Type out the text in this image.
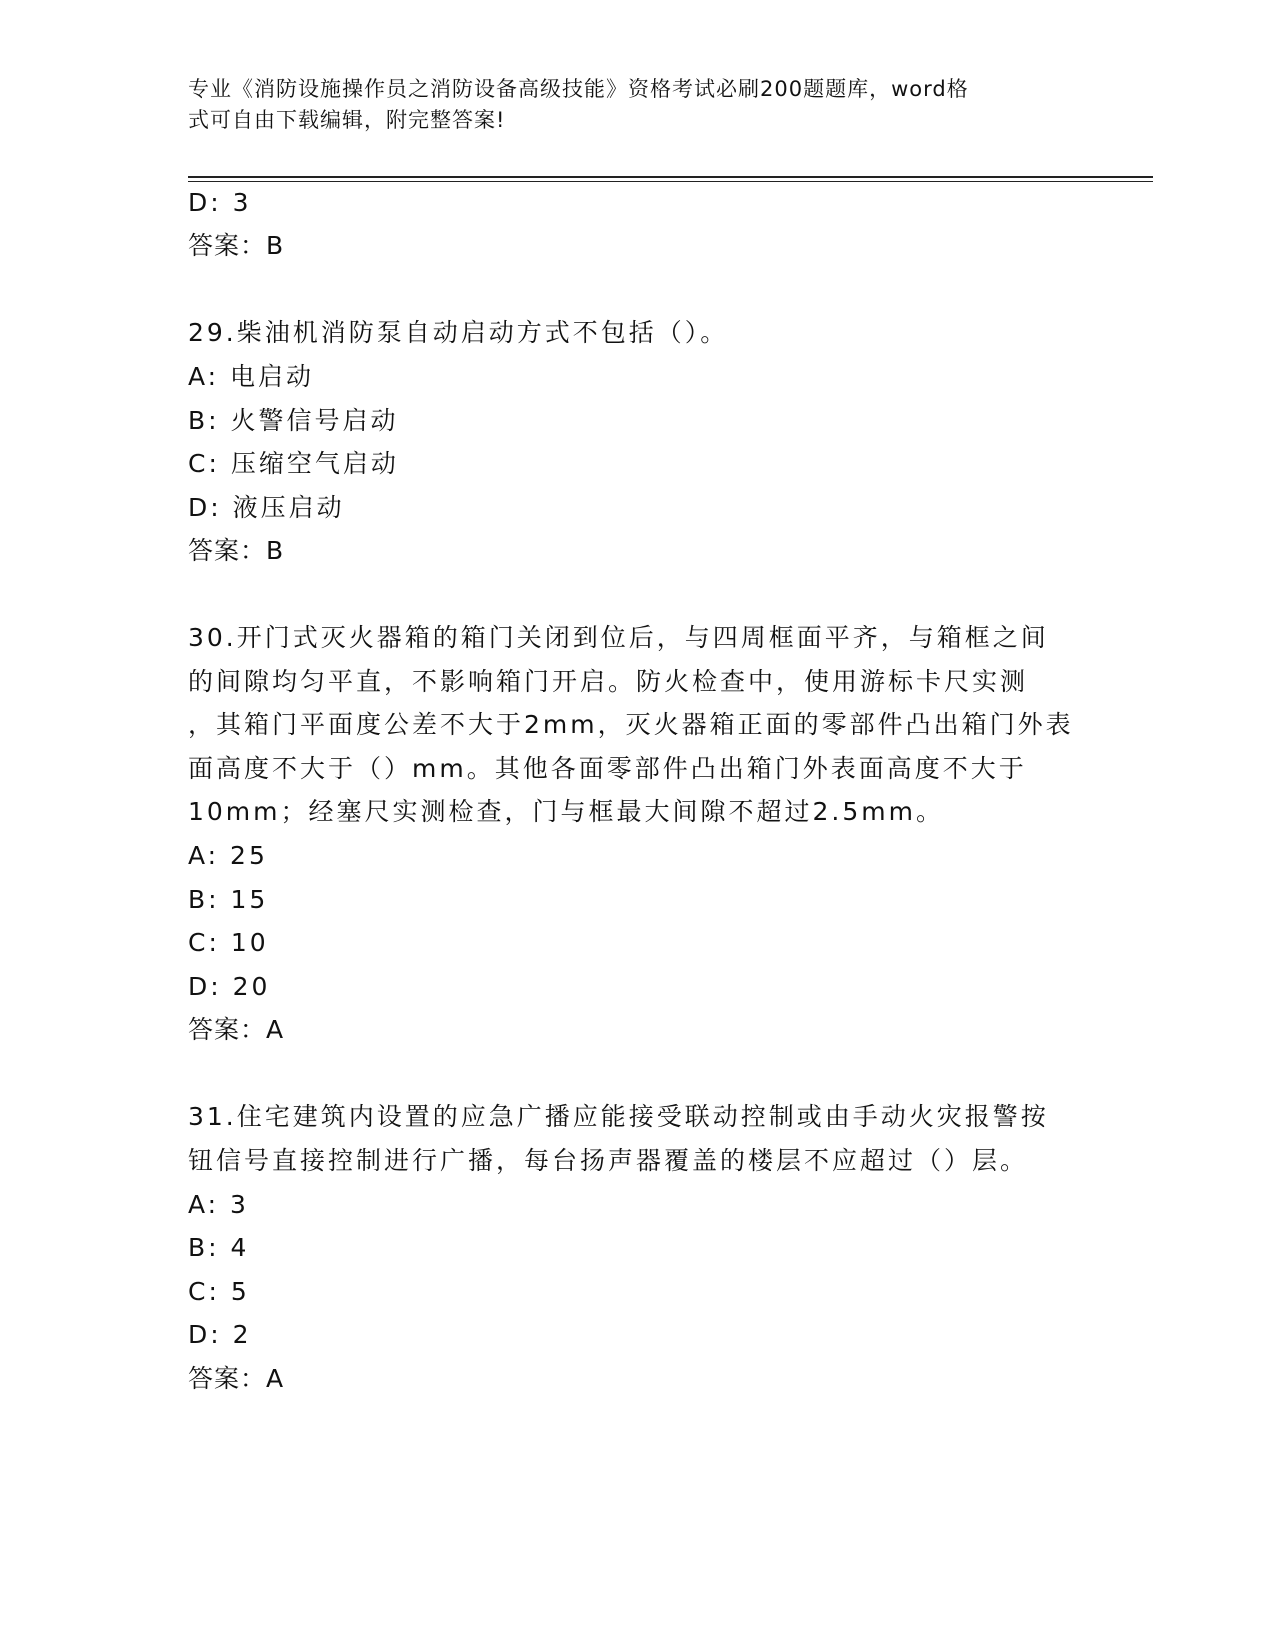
专业《消防设施操作员之消防设备高级技能》资格考试必刷200题题库，word格
式可自由下载编辑，附完整答案!
D: 3
答案：B
29.柴油机消防泵自动启动方式不包括（）。
A: 电启动
B: 火警信号启动
C: 压缩空气启动
D: 液压启动
答案：B
30.开门式灭火器箱的箱门关闭到位后，与四周框面平齐，与箱框之间
的间隙均匀平直，不影响箱门开启。防火检查中，使用游标卡尺实测
，其箱门平面度公差不大于2mm，灭火器箱正面的零部件凸出箱门外表
面高度不大于（）mm。其他各面零部件凸出箱门外表面高度不大于
10mm；经塞尺实测检查，门与框最大间隙不超过2.5mm。
A: 25
B: 15
C: 10
D: 20
答案：A
31.住宅建筑内设置的应急广播应能接受联动控制或由手动火灾报警按
钮信号直接控制进行广播，每台扬声器覆盖的楼层不应超过（）层。
A: 3
B: 4
C: 5
D: 2
答案：A
